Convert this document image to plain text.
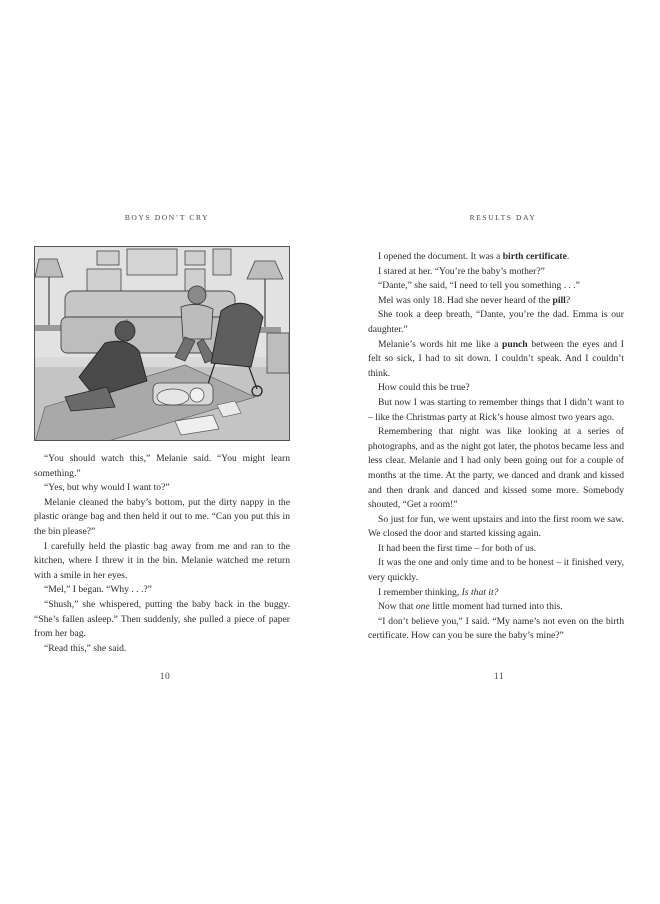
BOYS DON’T CRY

“You should watch this,” Melanie said. “You might learn something.”

“Yes, but why would I want to?”

Melanie cleaned the baby’s bottom, put the dirty nappy in the plastic orange bag and then held it out to me. “Can you put this in the bin please?”

I carefully held the plastic bag away from me and ran to the kitchen, where I threw it in the bin. Melanie watched me return with a smile in her eyes.

“Mel,” I began. “Why . . .?”

“Shush,” she whispered, putting the baby back in the buggy. “She’s fallen asleep.” Then suddenly, she pulled a piece of paper from her bag.

“Read this,” she said.

10
RESULTS DAY

I opened the document. It was a birth certificate.

I stared at her. “You’re the baby’s mother?”

“Dante,” she said, “I need to tell you something . . .”

Mel was only 18. Had she never heard of the pill?

She took a deep breath, “Dante, you’re the dad. Emma is our daughter.”

Melanie’s words hit me like a punch between the eyes and I felt so sick, I had to sit down. I couldn’t speak. And I couldn’t think.

How could this be true?

But now I was starting to remember things that I didn’t want to – like the Christmas party at Rick’s house almost two years ago.

Remembering that night was like looking at a series of photographs, and as the night got later, the photos became less and less clear. Melanie and I had only been going out for a couple of months at the time. At the party, we danced and drank and kissed and then drank and danced and kissed some more. Somebody shouted, “Get a room!”

So just for fun, we went upstairs and into the first room we saw. We closed the door and started kissing again.

It had been the first time – for both of us.

It was the one and only time and to be honest – it finished very, very quickly.

I remember thinking, Is that it?

Now that one little moment had turned into this.

“I don’t believe you,” I said. “My name’s not even on the birth certificate. How can you be sure the baby’s mine?”

11
